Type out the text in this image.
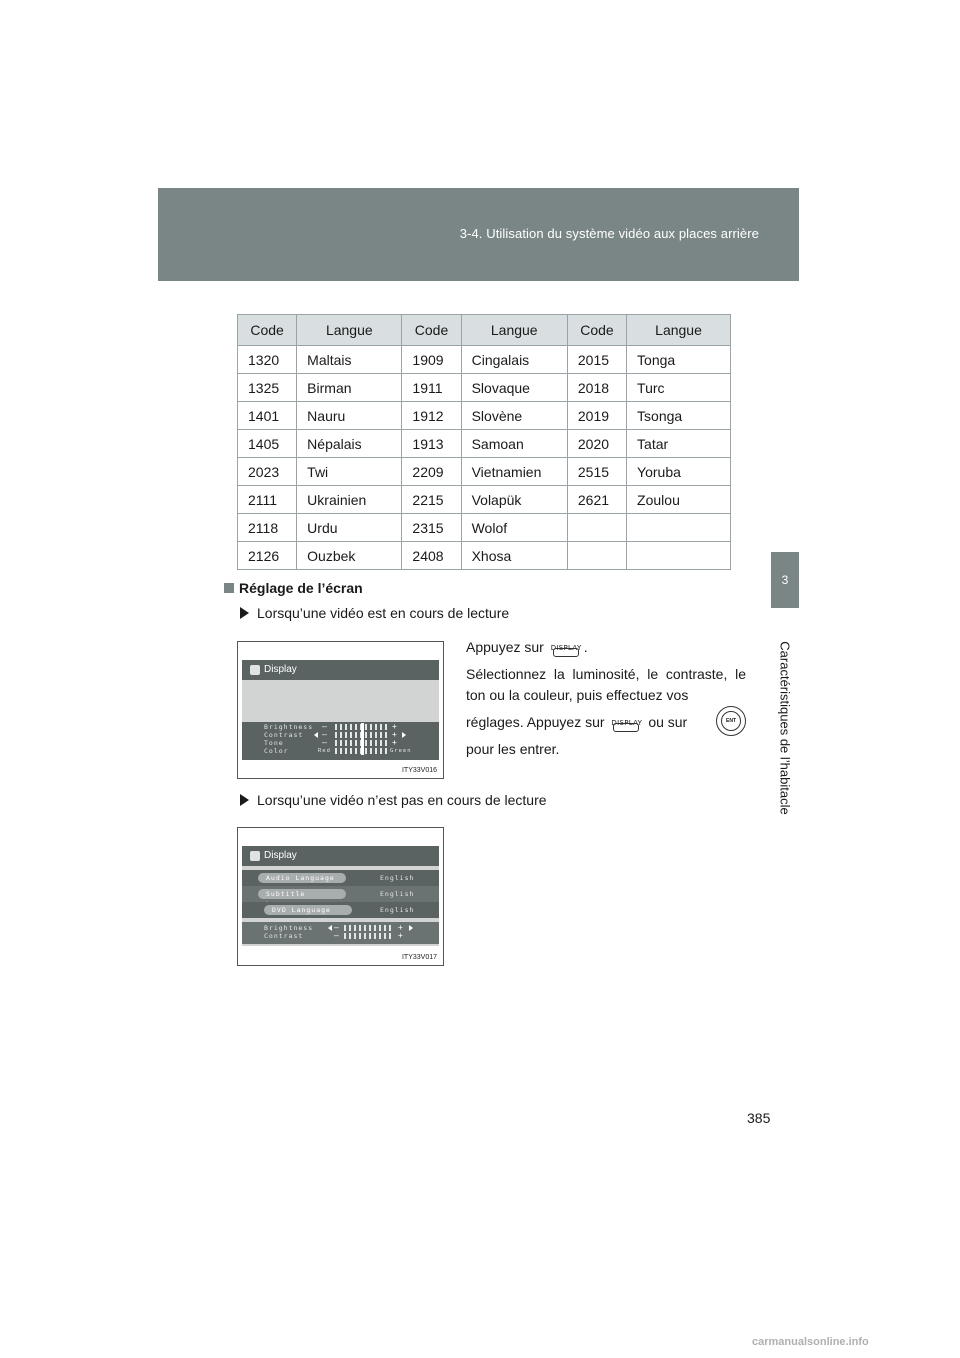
3-4. Utilisation du système vidéo aux places arrière
3
Caractéristiques de l’habitacle
Code	Langue	Code	Langue	Code	Langue
1320	Maltais	1909	Cingalais	2015	Tonga
1325	Birman	1911	Slovaque	2018	Turc
1401	Nauru	1912	Slovène	2019	Tsonga
1405	Népalais	1913	Samoan	2020	Tatar
2023	Twi	2209	Vietnamien	2515	Yoruba
2111	Ukrainien	2215	Volapük	2621	Zoulou
2118	Urdu	2315	Wolof		
2126	Ouzbek	2408	Xhosa		
Réglage de l’écran
Lorsqu’une vidéo est en cours de lecture
Appuyez sur DISPLAY .
Sélectionnez la luminosité, le contraste, le ton ou la couleur, puis effectuez vos
réglages. Appuyez sur DISPLAY ou sur	ENT
pour les entrer.
Display
Brightness
Contrast
Tone
Color
–	+
–	+
–	+
Red	Green
ITY33V016
Lorsqu’une vidéo n’est pas en cours de lecture
Display
Audio Language	English
Subtitle	English
DVD Language	English
Brightness
Contrast
–	+
–	+
ITY33V017
385
carmanualsonline.info
